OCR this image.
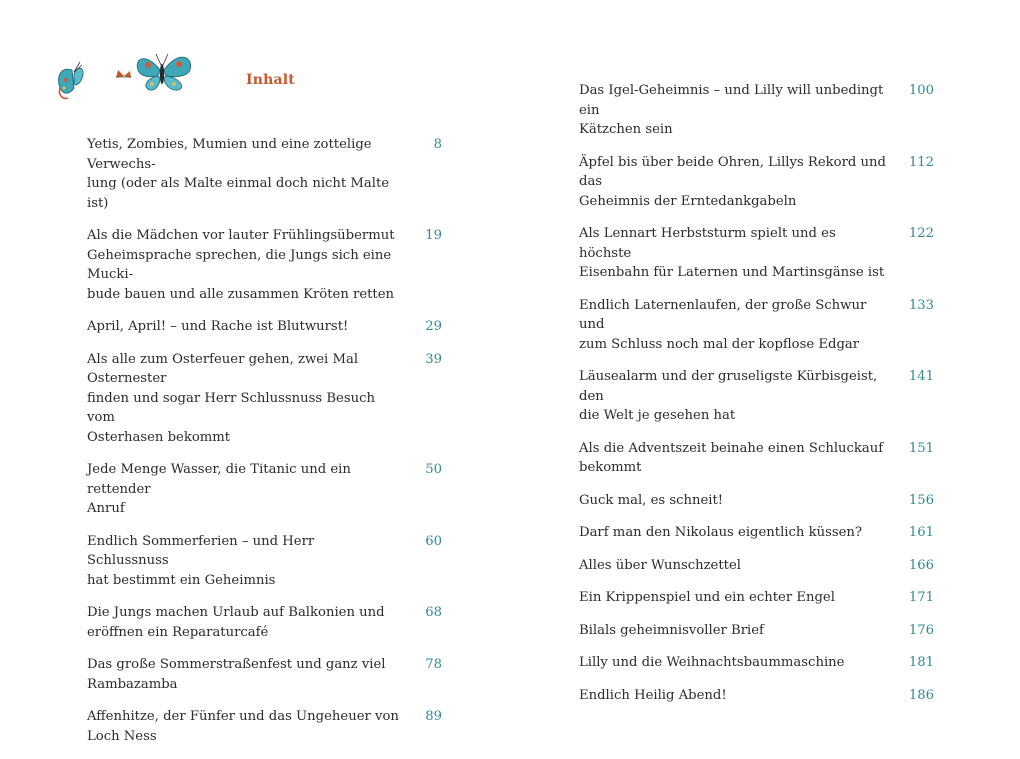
Inhalt
Yetis, Zombies, Mumien und eine zottelige Verwechs-
lung (oder als Malte einmal doch nicht Malte ist)
8
Als die Mädchen vor lauter Frühlingsübermut
Geheimsprache sprechen, die Jungs sich eine Mucki-
bude bauen und alle zusammen Kröten retten
19
April, April! – und Rache ist Blutwurst!	29
Als alle zum Osterfeuer gehen, zwei Mal Osternester
finden und sogar Herr Schlussnuss Besuch vom
Osterhasen bekommt
39
Jede Menge Wasser, die Titanic und ein rettender
Anruf
50
Endlich Sommerferien – und Herr Schlussnuss
hat bestimmt ein Geheimnis
60
Die Jungs machen Urlaub auf Balkonien und
eröffnen ein Reparaturcafé
68
Das große Sommerstraßenfest und ganz viel
Rambazamba
78
Affenhitze, der Fünfer und das Ungeheuer von
Loch Ness
89
Das Igel-Geheimnis – und Lilly will unbedingt ein
Kätzchen sein
100
Äpfel bis über beide Ohren, Lillys Rekord und das
Geheimnis der Erntedankgabeln
112
Als Lennart Herbststurm spielt und es höchste
Eisenbahn für Laternen und Martinsgänse ist
122
Endlich Laternenlaufen, der große Schwur und
zum Schluss noch mal der kopflose Edgar
133
Läusealarm und der gruseligste Kürbisgeist, den
die Welt je gesehen hat
141
Als die Adventszeit beinahe einen Schluckauf
bekommt
151
Guck mal, es schneit!	156
Darf man den Nikolaus eigentlich küssen?	161
Alles über Wunschzettel	166
Ein Krippenspiel und ein echter Engel	171
Bilals geheimnisvoller Brief	176
Lilly und die Weihnachtsbaummaschine	181
Endlich Heilig Abend!	186
